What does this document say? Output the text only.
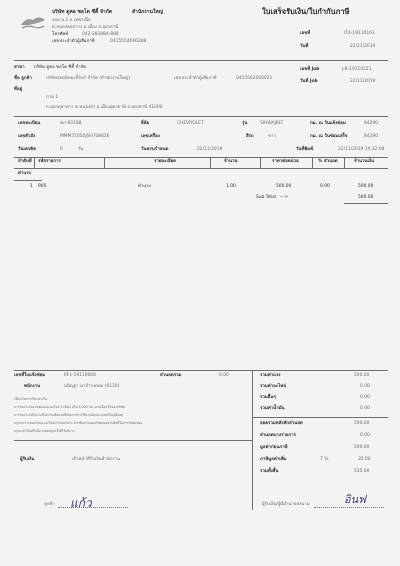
บริษัท ดูคอ ซอโด ซีตี้ จำกัด	สำนักงานใหญ่	ใบเสร็จรับเงิน/ใบกำกับภาษี
xxx ม.1 ถ.เทพาเนือ
ต.หนองคอสวาง อ.เมือง จ.อุดรธานี
โทรศัพท์	042-283884-888
เลขประจำตัวผู้เสียภาษี	0415554666288
เลขที่	ITX-19110163
วันที่	22/11/2019
สาขา บริษัท ดูคอ ซอโด ซีตี้ จำกัด
ชื่อ ลูกค้า	บริษัทอยอนิทยะปิ้ร์ทร์ จำกัด (สำนักงานใหญ่)	เลขประจำตัวผู้เสียภาษี	0415562000021
ที่อยู่
ถาม 1
ถ.อุดรดุสาคาร ต.หนองบัว อ.เมืองอุดรธานี จ.อุดรธานี 41000
เลขที่ Job	J-B-19110221
วันที่ Job	22/11/2019
เลขทะเบียน	ฆก-60188	ยี่ห้อ	CHEVROLET	รุ่น	SIHWAJBLT	กม. ณ วันแจ้งซ่อม	84290
เลขตัวถัง	MMM71650JSH708626	เลขเครื่อง	สีรถ	ขาว	กม. ณ วันซ่อมเสร็จ	84290
วันเครดิต	0	วัน	วันครบกำหนด	22/11/2019	วันที่พิมพ์	22/11/2019 14:32:08
ลำดับที่ รหัสรายการ	รายละเอียด	จำนวน	ราคาต่อหน่วย	% ส่วนลด	จำนวนเงิน
ค่าแรง
1 905	ค่าแรง	1.00	500.00	0.00	500.00
Sub Total —>	500.00
เลขที่ใบแจ้งซ่อม	RFL-19110000	ส่วนลดรวม	0.00
พนักงาน	นนิญฐา นาจำรงดอม (0120)
เงื่อนไขการรับประกัน
การรับประกันงานซ่อมและอะไหล่ 3 เดือน หรือ 5,000 กม. ตามเงื่อนไขของบริษัท
การรับประกันไม่รวมถึงความเสียหายที่เกิดจากการใช้งานผิดประเภทหรืออุบัติเหตุ
กรุณาตรวจสอบรถและอะไหล่เก่าก่อนรับรถ หากพ้นกำหนดบริษัทขอสงวนสิทธิ์ในการรับผิดชอบ
กรุณานำใบเสร็จนี้มาแสดงทุกครั้งที่ใช้บริการ
ผู้รับเงิน	เจ้าหน้าที่รับเงินสำนักงาน
แก้ว
ลูกค้า	อินฟ
ผู้รับเงิน/ผู้มีอำนาจลงนาม
รวมค่าแรง	500.00
รวมค่าอะไหล่	0.00
รวมอื่นๆ	0.00
รวมค่าน้ำมัน	0.00
ยอดรวมหลังหักส่วนลด	500.00
ส่วนลดบางรายการ	0.00
มูลค่าก่อนภาษี	500.00
ภาษีมูลค่าเพิ่ม	7 %	35.00
รวมทั้งสิ้น	535.00
